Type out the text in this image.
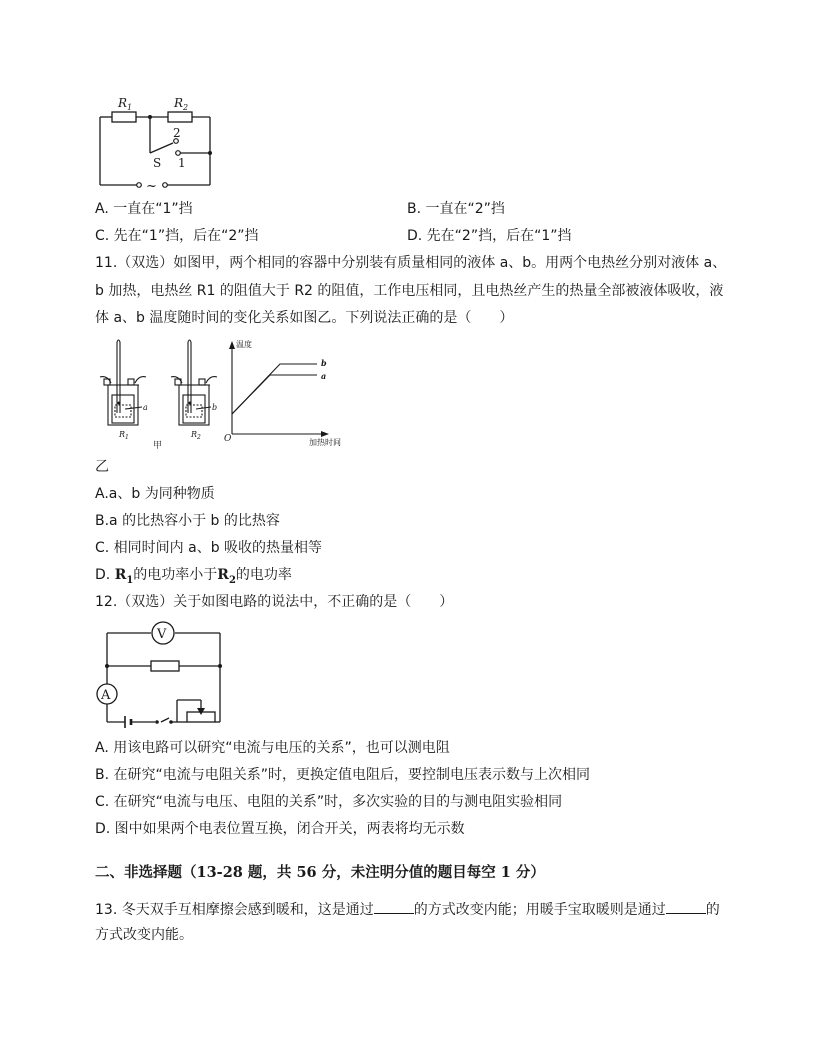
$R_1$	$R_2$
2
1
S
~
A. 一直在“1”挡	B. 一直在“2”挡
C. 先在“1”挡，后在“2”挡	D. 先在“2”挡，后在“1”挡
11.（双选）如图甲，两个相同的容器中分别装有质量相同的液体 a、b。用两个电热丝分别对液体 a、
b 加热，电热丝 R1 的阻值大于 R2 的阻值，工作电压相同，且电热丝产生的热量全部被液体吸收，液
体 a、b 温度随时间的变化关系如图乙。下列说法正确的是（　　）
a	b
$R_1$	$R_2$
甲
温度
加热时间
O
b
a
乙
A.a、b 为同种物质
B.a 的比热容小于 b 的比热容
C. 相同时间内 a、b 吸收的热量相等
D. $R_1$的电功率小于$R_2$的电功率
12.（双选）关于如图电路的说法中，不正确的是（　　）
V
A
A. 用该电路可以研究“电流与电压的关系”，也可以测电阻
B. 在研究“电流与电阻关系”时，更换定值电阻后，要控制电压表示数与上次相同
C. 在研究“电流与电压、电阻的关系”时，多次实验的目的与测电阻实验相同
D. 图中如果两个电表位置互换，闭合开关，两表将均无示数
二、非选择题（13-28 题，共 56 分，未注明分值的题目每空 1 分）
13. 冬天双手互相摩擦会感到暖和，这是通过	的方式改变内能；用暖手宝取暖则是通过	的
方式改变内能。
